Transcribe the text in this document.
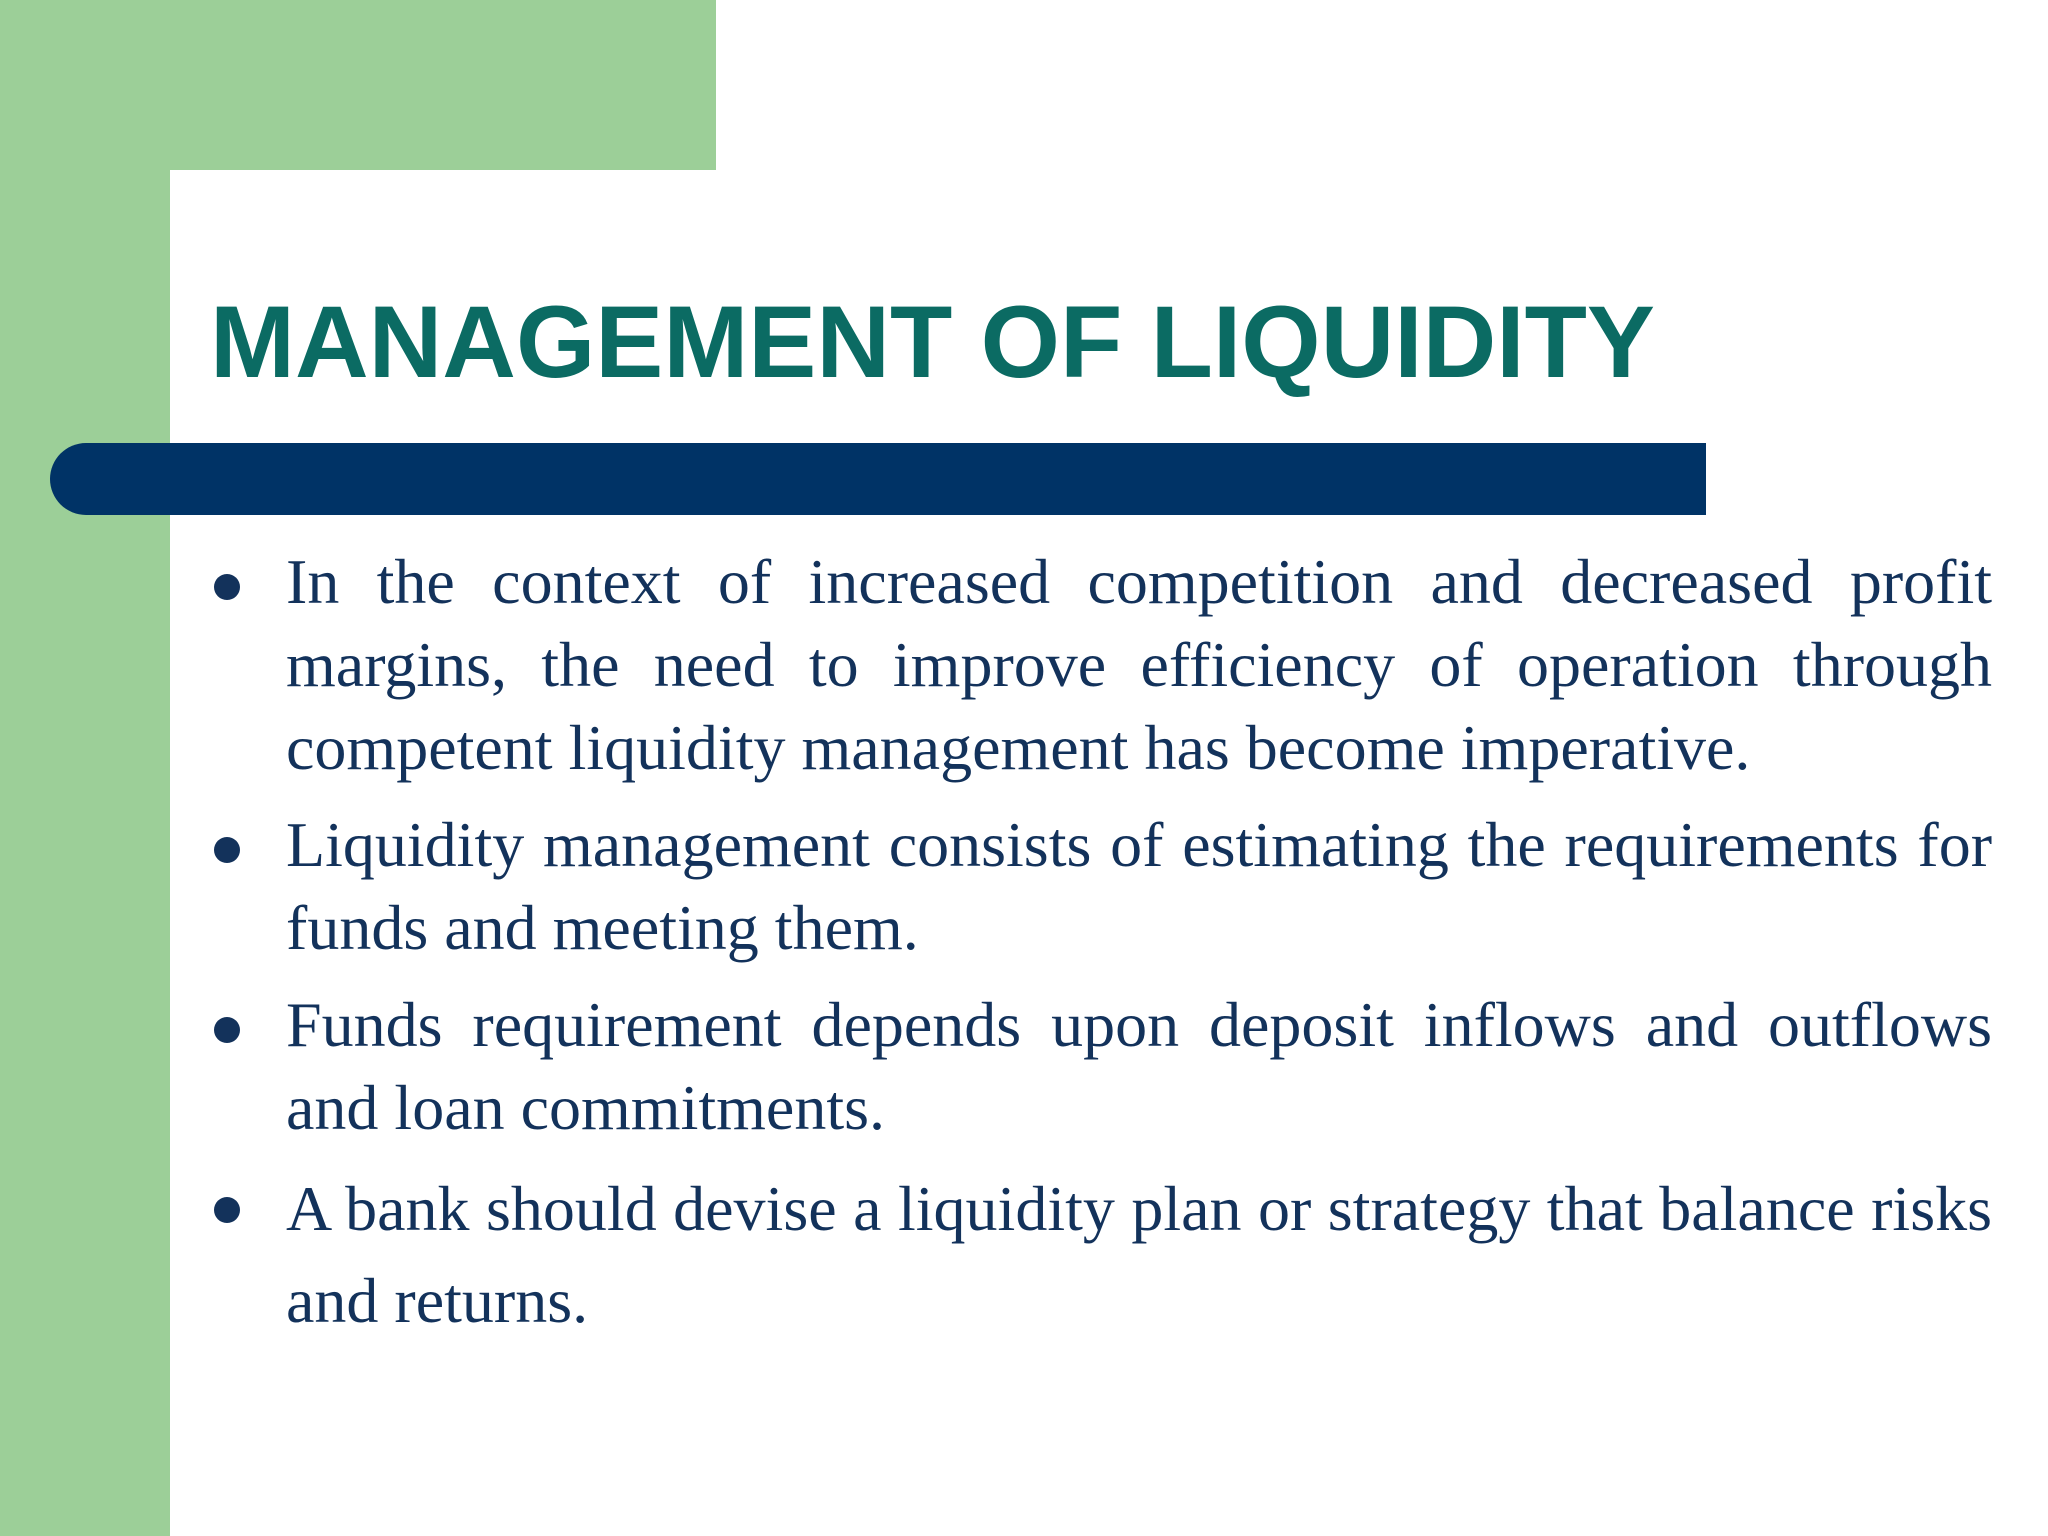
MANAGEMENT OF LIQUIDITY
In the context of increased competition and decreased profit margins, the need to improve efficiency of operation through competent liquidity management has become imperative.
Liquidity management consists of estimating the requirements for funds and meeting them.
Funds requirement depends upon deposit inflows and outflows and loan commitments.
A bank should devise a liquidity plan or strategy that balance risks and returns.
